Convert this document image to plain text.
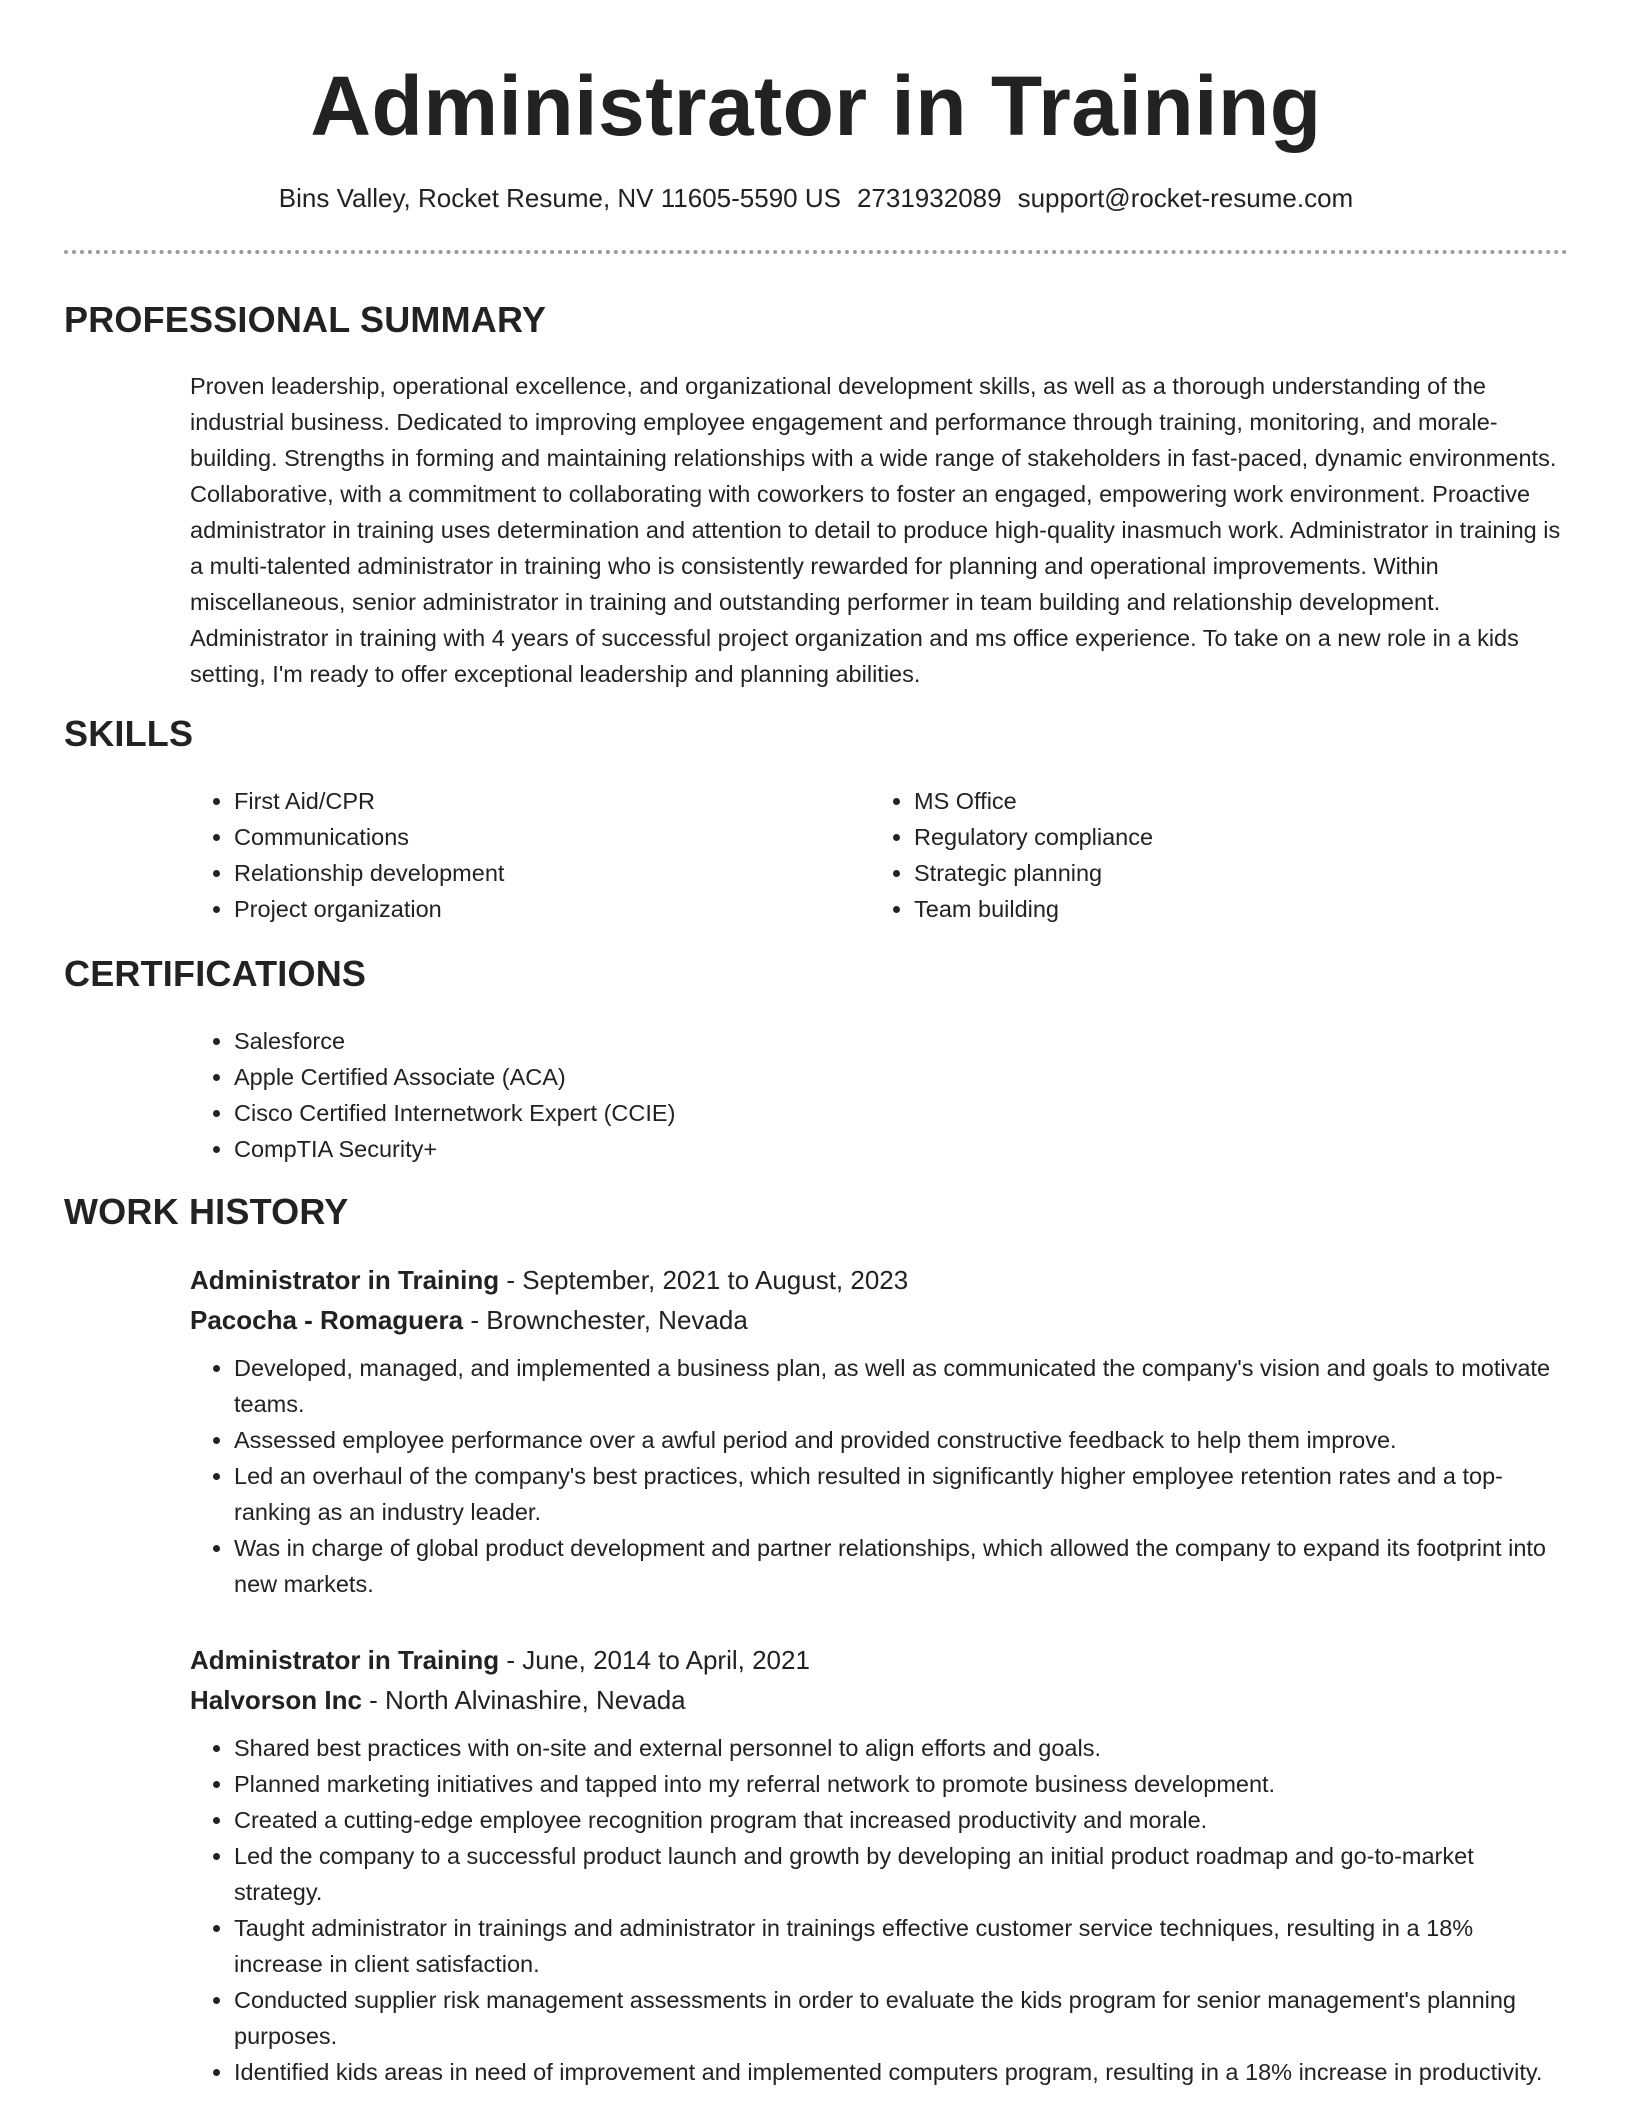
Administrator in Training
Bins Valley, Rocket Resume, NV 11605-5590 US 2731932089 support@rocket-resume.com
PROFESSIONAL SUMMARY
Proven leadership, operational excellence, and organizational development skills, as well as a thorough understanding of the industrial business. Dedicated to improving employee engagement and performance through training, monitoring, and morale-building. Strengths in forming and maintaining relationships with a wide range of stakeholders in fast-paced, dynamic environments. Collaborative, with a commitment to collaborating with coworkers to foster an engaged, empowering work environment. Proactive administrator in training uses determination and attention to detail to produce high-quality inasmuch work. Administrator in training is a multi-talented administrator in training who is consistently rewarded for planning and operational improvements. Within miscellaneous, senior administrator in training and outstanding performer in team building and relationship development. Administrator in training with 4 years of successful project organization and ms office experience. To take on a new role in a kids setting, I'm ready to offer exceptional leadership and planning abilities.
SKILLS
• First Aid/CPR
• Communications
• Relationship development
• Project organization
• MS Office
• Regulatory compliance
• Strategic planning
• Team building
CERTIFICATIONS
• Salesforce
• Apple Certified Associate (ACA)
• Cisco Certified Internetwork Expert (CCIE)
• CompTIA Security+
WORK HISTORY
Administrator in Training - September, 2021 to August, 2023
Pacocha - Romaguera - Brownchester, Nevada
• Developed, managed, and implemented a business plan, as well as communicated the company's vision and goals to motivate teams.
• Assessed employee performance over a awful period and provided constructive feedback to help them improve.
• Led an overhaul of the company's best practices, which resulted in significantly higher employee retention rates and a top-ranking as an industry leader.
• Was in charge of global product development and partner relationships, which allowed the company to expand its footprint into new markets.
Administrator in Training - June, 2014 to April, 2021
Halvorson Inc - North Alvinashire, Nevada
• Shared best practices with on-site and external personnel to align efforts and goals.
• Planned marketing initiatives and tapped into my referral network to promote business development.
• Created a cutting-edge employee recognition program that increased productivity and morale.
• Led the company to a successful product launch and growth by developing an initial product roadmap and go-to-market strategy.
• Taught administrator in trainings and administrator in trainings effective customer service techniques, resulting in a 18% increase in client satisfaction.
• Conducted supplier risk management assessments in order to evaluate the kids program for senior management's planning purposes.
• Identified kids areas in need of improvement and implemented computers program, resulting in a 18% increase in productivity.
